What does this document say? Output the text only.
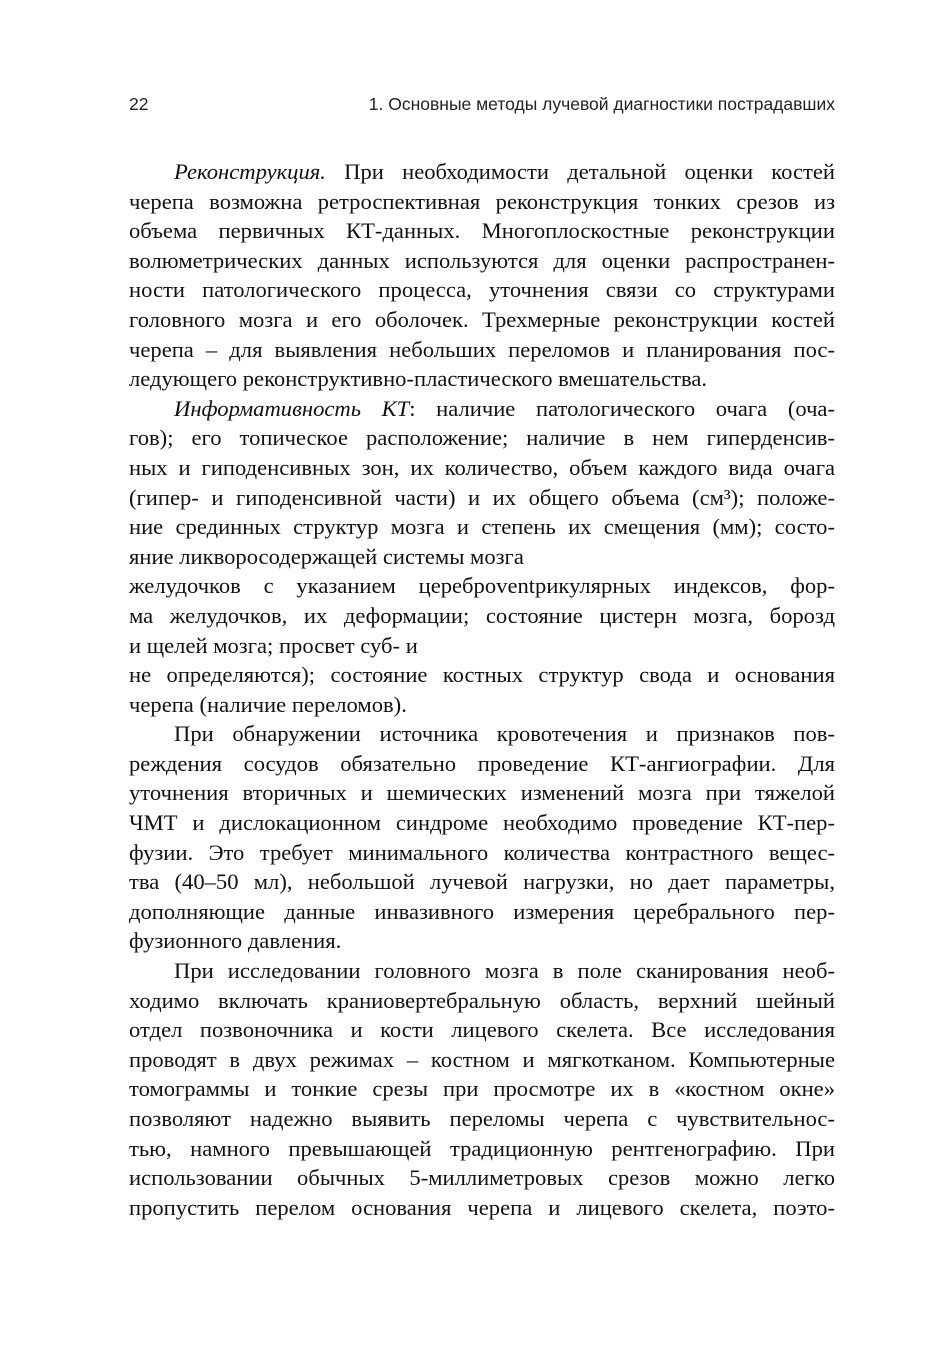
22	1. Основные методы лучевой диагностики пострадавших
Реконструкция. При необходимости детальной оценки костей
черепа возможна ретроспективная реконструкция тонких срезов из
объема первичных КТ-данных. Многоплоскостные реконструкции
волюметрических данных используются для оценки распространен-
ности патологического процесса, уточнения связи со структурами
головного мозга и его оболочек. Трехмерные реконструкции костей
черепа – для выявления небольших переломов и планирования пос-
ледующего реконструктивно-пластического вмешательства.
Информативность КТ: наличие патологического очага (оча-
гов); его топическое расположение; наличие в нем гиперденсив-
ных и гиподенсивных зон, их количество, объем каждого вида очага
(гипер- и гиподенсивной части) и их общего объема (см³); положе-
ние срединных структур мозга и степень их смещения (мм); состо-
яние ликворосодержащей системы мозга
желудочков с указанием цереброventрикулярных индексов, фор-
ма желудочков, их деформации; состояние цистерн мозга, борозд
и щелей мозга; просвет суб- и
не определяются); состояние костных структур свода и основания
черепа (наличие переломов).
При обнаружении источника кровотечения и признаков пов-
реждения сосудов обязательно проведение КТ-ангиографии. Для
уточнения вторичных и шемических изменений мозга при тяжелой
ЧМТ и дислокационном синдроме необходимо проведение КТ-пер-
фузии. Это требует минимального количества контрастного вещес-
тва (40–50 мл), небольшой лучевой нагрузки, но дает параметры,
дополняющие данные инвазивного измерения церебрального пер-
фузионного давления.
При исследовании головного мозга в поле сканирования необ-
ходимо включать краниовертебральную область, верхний шейный
отдел позвоночника и кости лицевого скелета. Все исследования
проводят в двух режимах – костном и мягкотканом. Компьютерные
томограммы и тонкие срезы при просмотре их в «костном окне»
позволяют надежно выявить переломы черепа с чувствительнос-
тью, намного превышающей традиционную рентгенографию. При
использовании обычных 5-миллиметровых срезов можно легко
пропустить перелом основания черепа и лицевого скелета, поэто-
